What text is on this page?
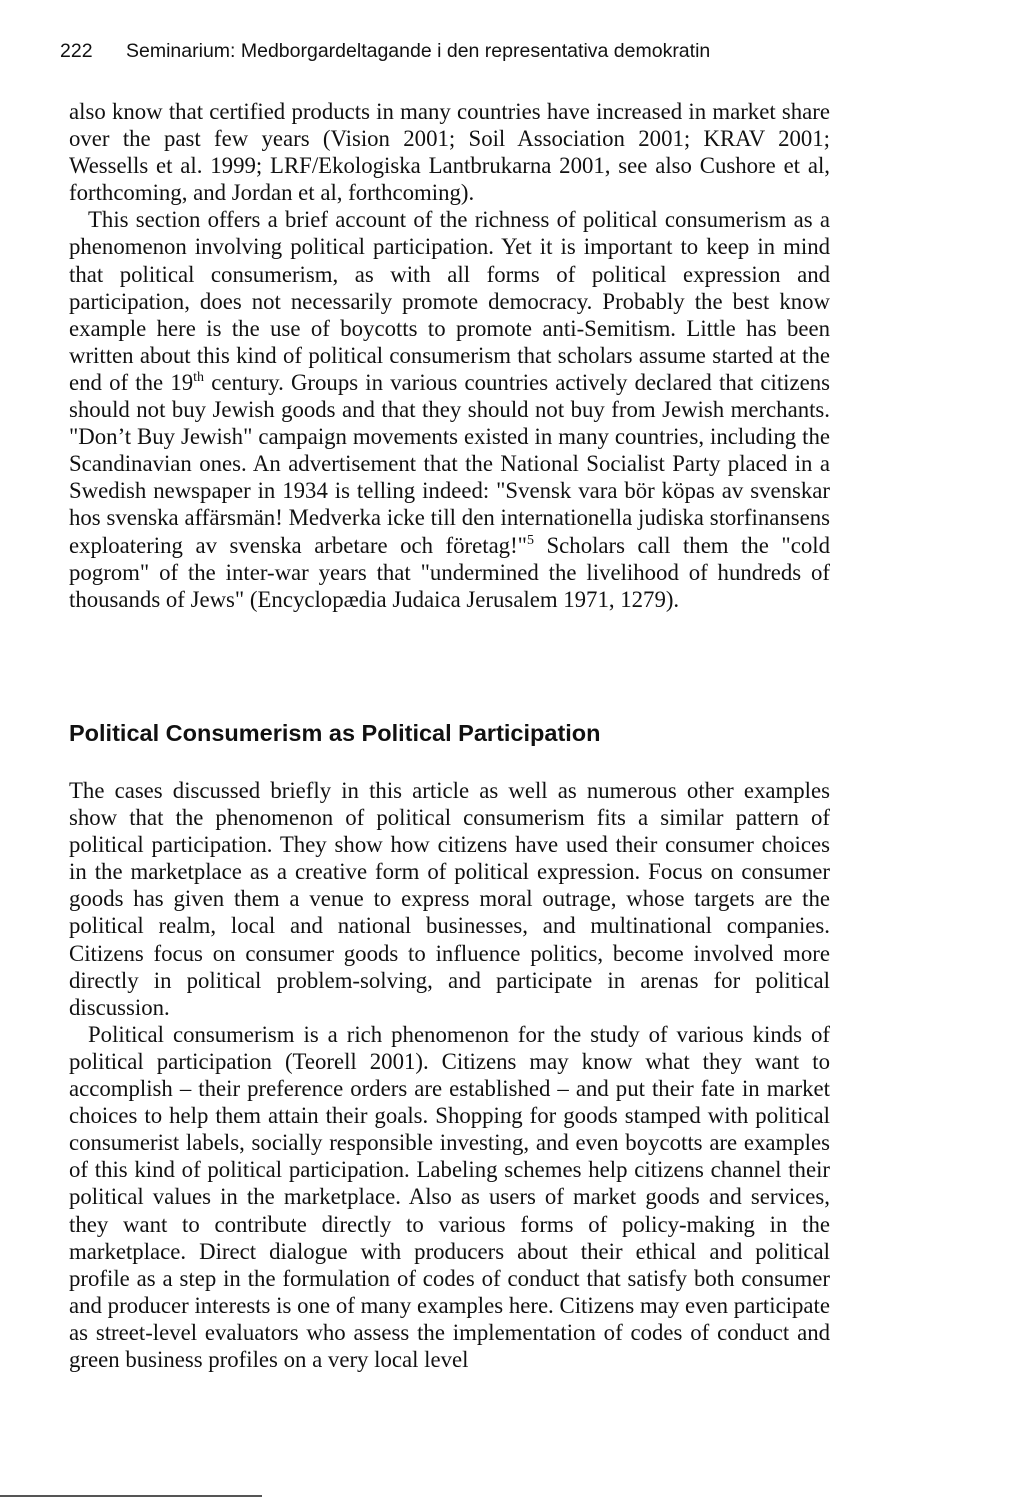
222 Seminarium: Medborgardeltagande i den representativa demokratin

also know that certified products in many countries have increased in market share over the past few years (Vision 2001; Soil Association 2001; KRAV 2001; Wessells et al. 1999; LRF/Ekologiska Lantbrukarna 2001, see also Cushore et al, forthcoming, and Jordan et al, forthcoming).

This section offers a brief account of the richness of political consumerism as a phenomenon involving political participation. Yet it is important to keep in mind that political consumerism, as with all forms of political expression and participation, does not necessarily promote democracy. Probably the best know example here is the use of boycotts to promote anti-Semitism. Little has been written about this kind of political consumerism that scholars assume started at the end of the 19th century. Groups in various countries actively declared that citizens should not buy Jewish goods and that they should not buy from Jewish merchants. "Don’t Buy Jewish" campaign movements existed in many countries, including the Scandinavian ones. An advertisement that the National Socialist Party placed in a Swedish newspaper in 1934 is telling indeed: "Svensk vara bör köpas av svenskar hos svenska affärsmän! Medverka icke till den internationella judiska storfinansens exploatering av svenska arbetare och företag!"$^5$ Scholars call them the "cold pogrom" of the inter-war years that "undermined the livelihood of hundreds of thousands of Jews" (Encyclopædia Judaica Jerusalem 1971, 1279).

Political Consumerism as Political Participation

The cases discussed briefly in this article as well as numerous other examples show that the phenomenon of political consumerism fits a similar pattern of political participation. They show how citizens have used their consumer choices in the marketplace as a creative form of political expression. Focus on consumer goods has given them a venue to express moral outrage, whose targets are the political realm, local and national businesses, and multinational companies. Citizens focus on consumer goods to influence politics, become involved more directly in political problem-solving, and participate in arenas for political discussion.

Political consumerism is a rich phenomenon for the study of various kinds of political participation (Teorell 2001). Citizens may know what they want to accomplish – their preference orders are established – and put their fate in market choices to help them attain their goals. Shopping for goods stamped with political consumerist labels, socially responsible investing, and even boycotts are examples of this kind of political participation. Labeling schemes help citizens channel their political values in the marketplace. Also as users of market goods and services, they want to contribute directly to various forms of policy-making in the marketplace. Direct dialogue with producers about their ethical and political profile as a step in the formulation of codes of conduct that satisfy both consumer and producer interests is one of many examples here. Citizens may even participate as street-level evaluators who assess the implementation of codes of conduct and green business profiles on a very local level
